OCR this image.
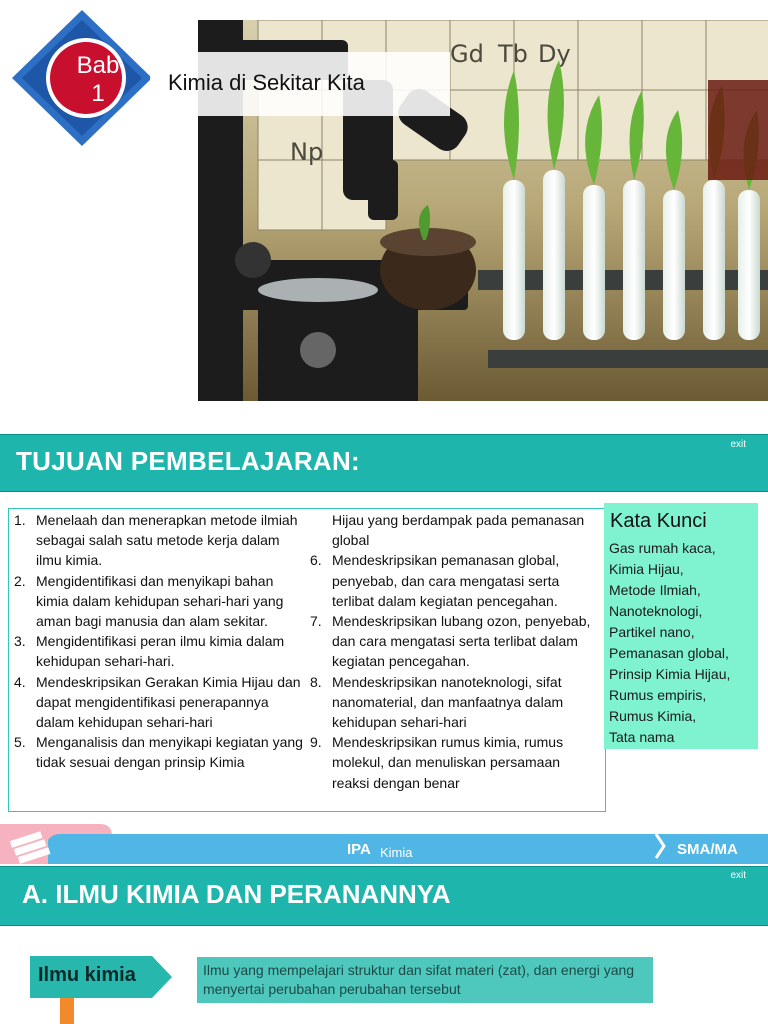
Gd Tb Dy
Np
Bab
1	Kimia di Sekitar Kita
TUJUAN PEMBELAJARAN:
exit
1. Menelaah dan menerapkan metode ilmiah sebagai salah satu metode kerja dalam ilmu kimia.
2. Mengidentifikasi dan menyikapi bahan kimia dalam kehidupan sehari-hari yang aman bagi manusia dan alam sekitar.
3. Mengidentifikasi peran ilmu kimia dalam kehidupan sehari-hari.
4. Mendeskripsikan Gerakan Kimia Hijau dan dapat mengidentifikasi penerapannya dalam kehidupan sehari-hari
5. Menganalisis dan menyikapi kegiatan yang tidak sesuai dengan prinsip Kimia
Hijau yang berdampak pada pemanasan global
6. Mendeskripsikan pemanasan global, penyebab, dan cara mengatasi serta terlibat dalam kegiatan pencegahan.
7. Mendeskripsikan lubang ozon, penyebab, dan cara mengatasi serta terlibat dalam kegiatan pencegahan.
8. Mendeskripsikan nanoteknologi, sifat nanomaterial, dan manfaatnya dalam kehidupan sehari-hari
9. Mendeskripsikan rumus kimia, rumus molekul, dan menuliskan persamaan reaksi dengan benar
Kata Kunci
Gas rumah kaca,
Kimia Hijau,
Metode Ilmiah,
Nanoteknologi,
Partikel nano,
Pemanasan global,
Prinsip Kimia Hijau,
Rumus empiris,
Rumus Kimia,
Tata nama
IPA Kimia	SMA/MA
A. ILMU KIMIA DAN PERANANNYA
exit
Ilmu kimia	Ilmu yang mempelajari struktur dan sifat materi (zat), dan energi yang menyertai perubahan perubahan tersebut
